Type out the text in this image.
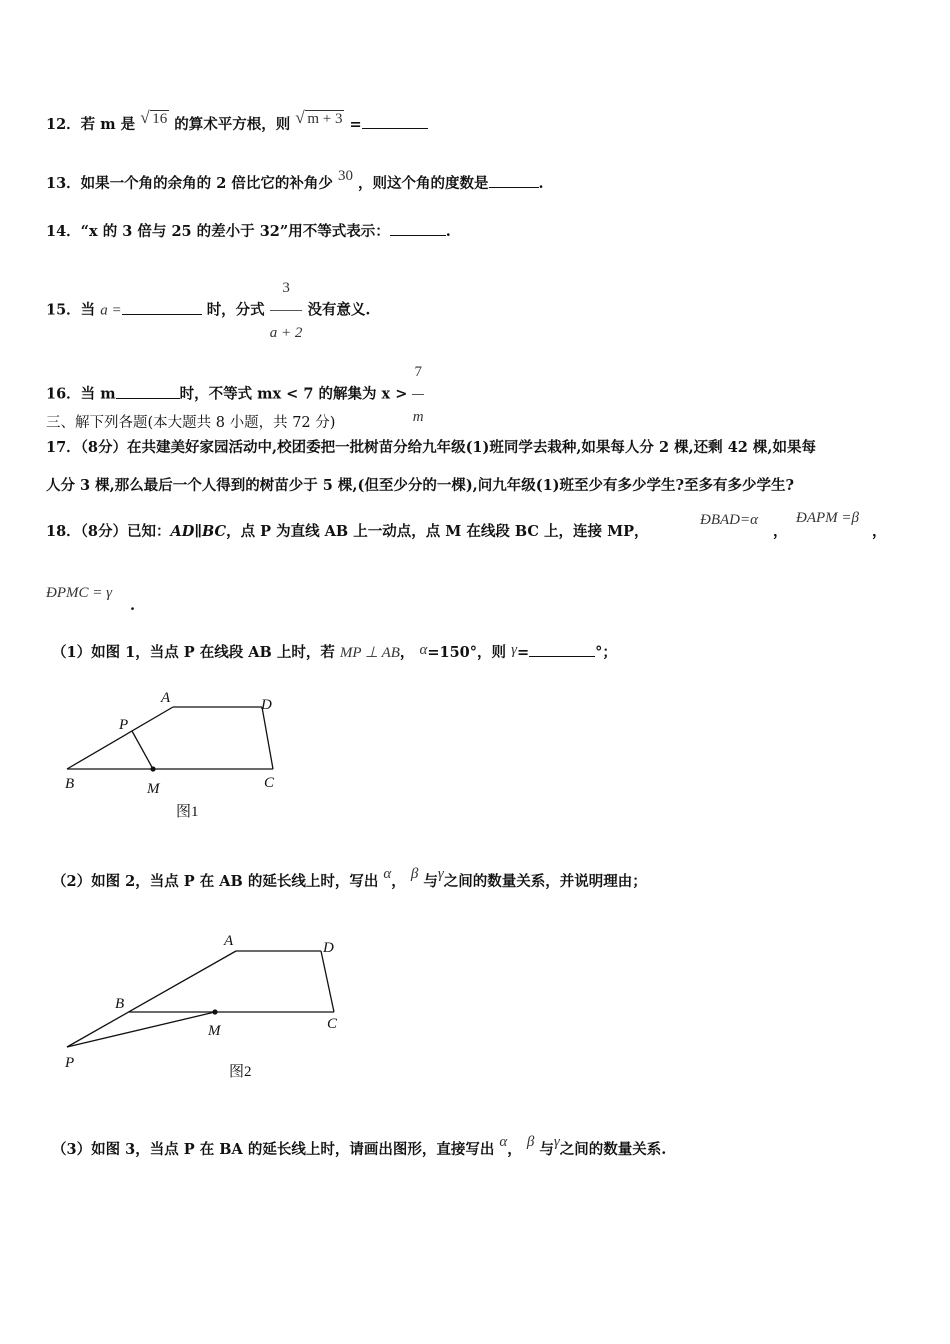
12．若 m 是 √ 16 的算术平方根，则 √ m + 3 =
13．如果一个角的余角的 2 倍比它的补角少 30 ，则这个角的度数是	.
14．“x 的 3 倍与 25 的差小于 32”用不等式表示：	.
15．当 a =	时，分式 $\frac{3}{a + 2}$ 没有意义.
16．当 m	时，不等式 mx < 7 的解集为 $x > \frac{7}{m}$
三、解下列各题(本大题共 8 小题，共 72 分)
17．（8分）在共建美好家园活动中,校团委把一批树苗分给九年级(1)班同学去栽种,如果每人分 2 棵,还剩 42 棵,如果每
人分 3 棵,那么最后一个人得到的树苗少于 5 棵,(但至少分的一棵),问九年级(1)班至少有多少学生?至多有多少学生?
18．（8分）已知：AD∥BC，点 P 为直线 AB 上一动点，点 M 在线段 BC 上，连接 MP，
ÐBAD=α
，
ÐAPM =β
，
ÐPMC = γ
.
（1）如图 1，当点 P 在线段 AB 上时，若 MP ⊥ AB， α=150°，则 γ=	°；
A	D
P
B	M	C
图1
（2）如图 2，当点 P 在 AB 的延长线上时，写出 α， β 与γ之间的数量关系，并说明理由；
A	D
B
M	C
P
图2
（3）如图 3，当点 P 在 BA 的延长线上时，请画出图形，直接写出 α， β 与γ之间的数量关系.
